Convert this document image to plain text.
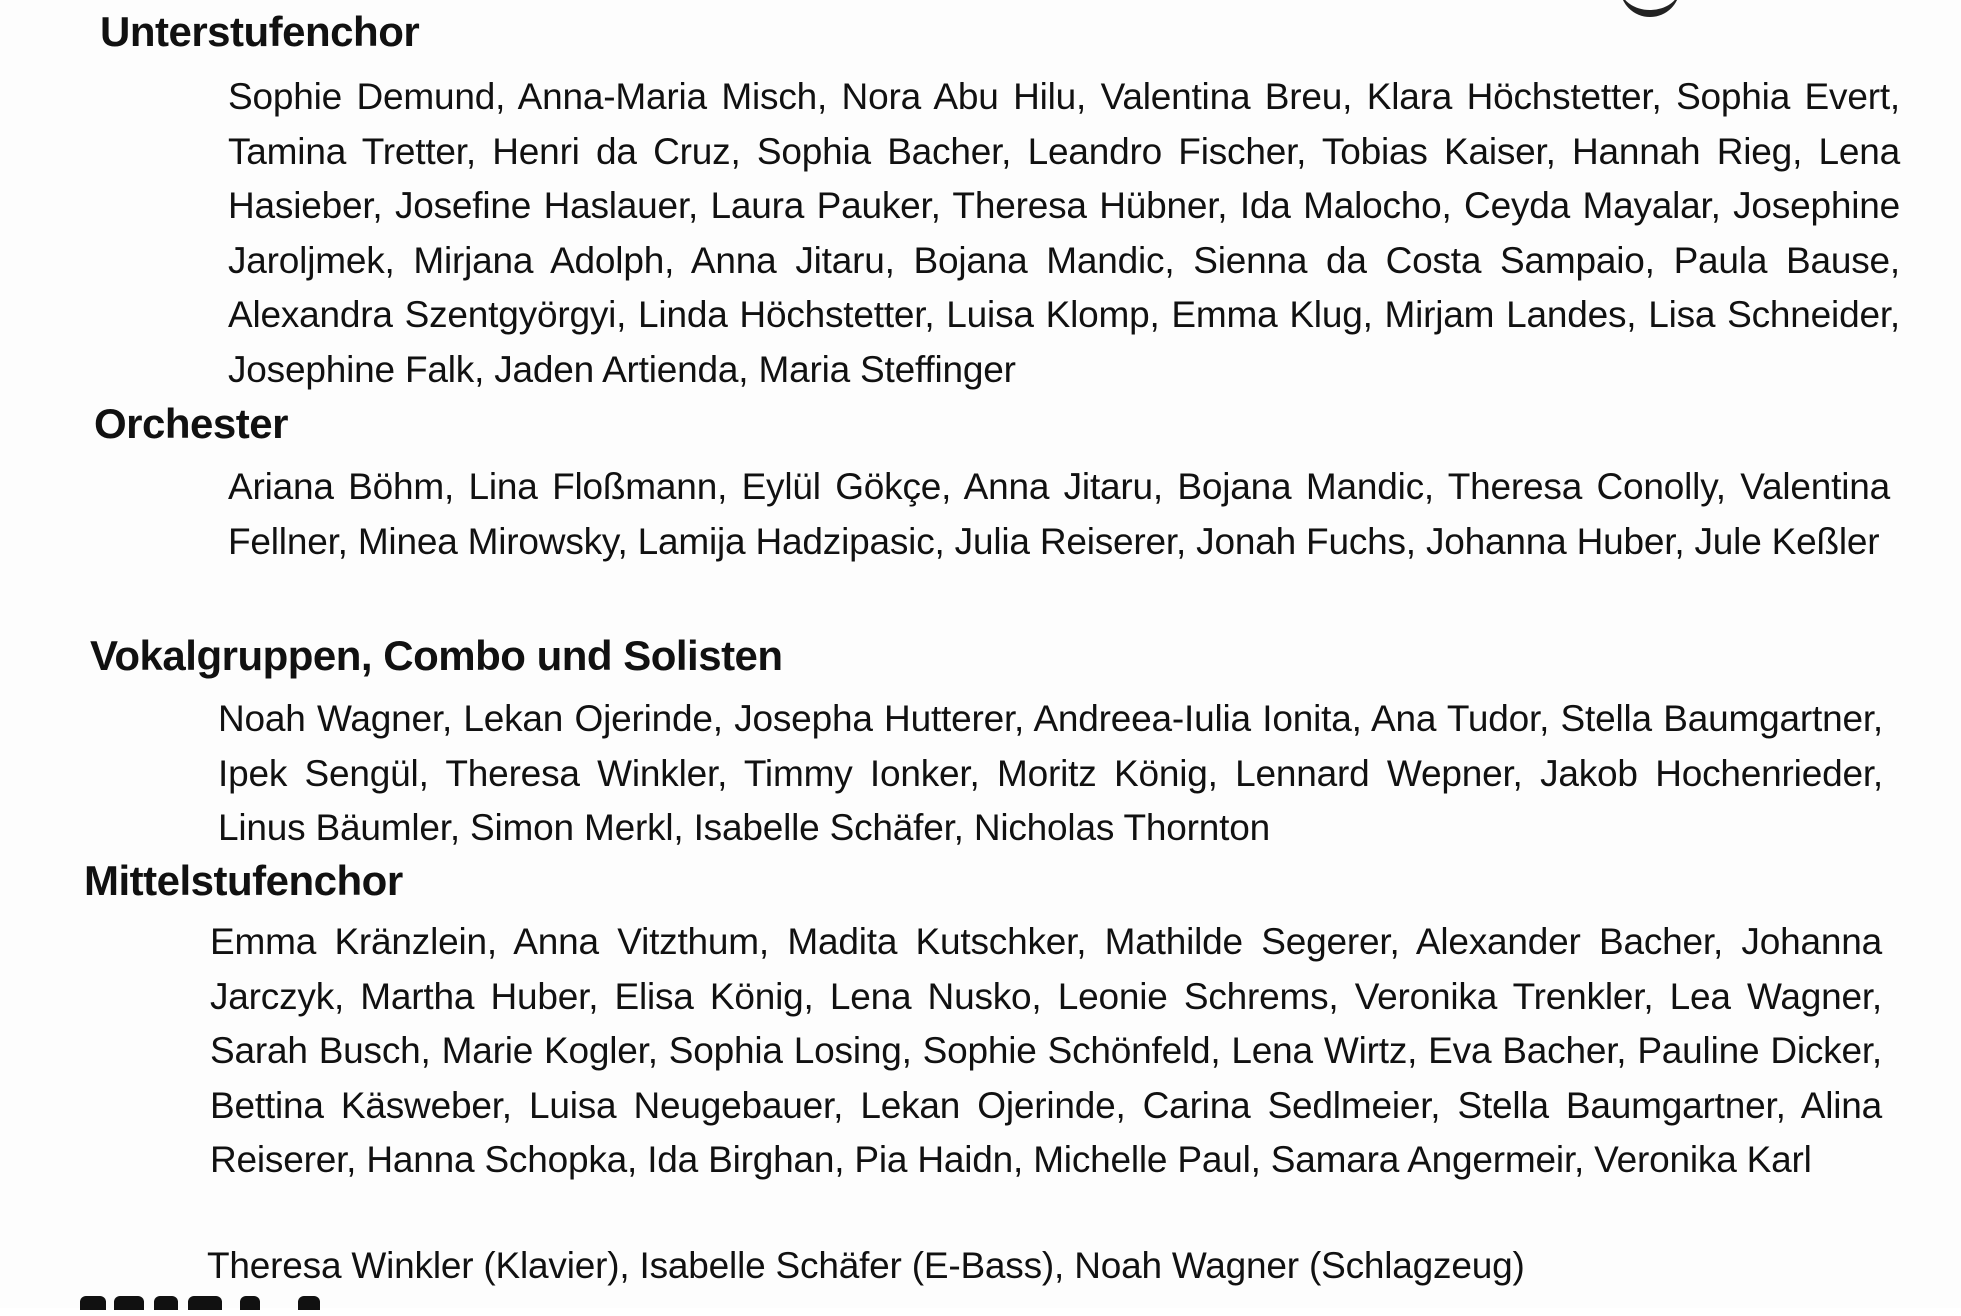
Unterstufenchor

Sophie Demund, Anna-Maria Misch, Nora Abu Hilu, Valentina Breu, Klara Höchstetter, Sophia Evert, Tamina Tretter, Henri da Cruz, Sophia Bacher, Leandro Fischer, Tobias Kaiser, Hannah Rieg, Lena Hasieber, Josefine Haslauer, Laura Pauker, Theresa Hübner, Ida Malocho, Ceyda Mayalar, Josephine Jaroljmek, Mirjana Adolph, Anna Jitaru, Bojana Mandic, Sienna da Costa Sampaio, Paula Bause, Alexandra Szentgyörgyi, Linda Höchstetter, Luisa Klomp, Emma Klug, Mirjam Landes, Lisa Schneider, Josephine Falk, Jaden Artienda, Maria Steffinger

Orchester

Ariana Böhm, Lina Floßmann, Eylül Gökçe, Anna Jitaru, Bojana Mandic, Theresa Conolly, Valentina Fellner, Minea Mirowsky, Lamija Hadzipasic, Julia Reiserer, Jonah Fuchs, Johanna Huber, Jule Keßler

Vokalgruppen, Combo und Solisten

Noah Wagner, Lekan Ojerinde, Josepha Hutterer, Andreea-Iulia Ionita, Ana Tudor, Stella Baumgartner, Ipek Sengül, Theresa Winkler, Timmy Ionker, Moritz König, Lennard Wepner, Jakob Hochenrieder, Linus Bäumler, Simon Merkl, Isabelle Schäfer, Nicholas Thornton

Mittelstufenchor

Emma Kränzlein, Anna Vitzthum, Madita Kutschker, Mathilde Segerer, Alexander Bacher, Johanna Jarczyk, Martha Huber, Elisa König, Lena Nusko, Leonie Schrems, Veronika Trenkler, Lea Wagner, Sarah Busch, Marie Kogler, Sophia Losing, Sophie Schönfeld, Lena Wirtz, Eva Bacher, Pauline Dicker, Bettina Käsweber, Luisa Neugebauer, Lekan Ojerinde, Carina Sedlmeier, Stella Baumgartner, Alina Reiserer, Hanna Schopka, Ida Birghan, Pia Haidn, Michelle Paul, Samara Angermeir, Veronika Karl

Theresa Winkler (Klavier), Isabelle Schäfer (E-Bass), Noah Wagner (Schlagzeug)
